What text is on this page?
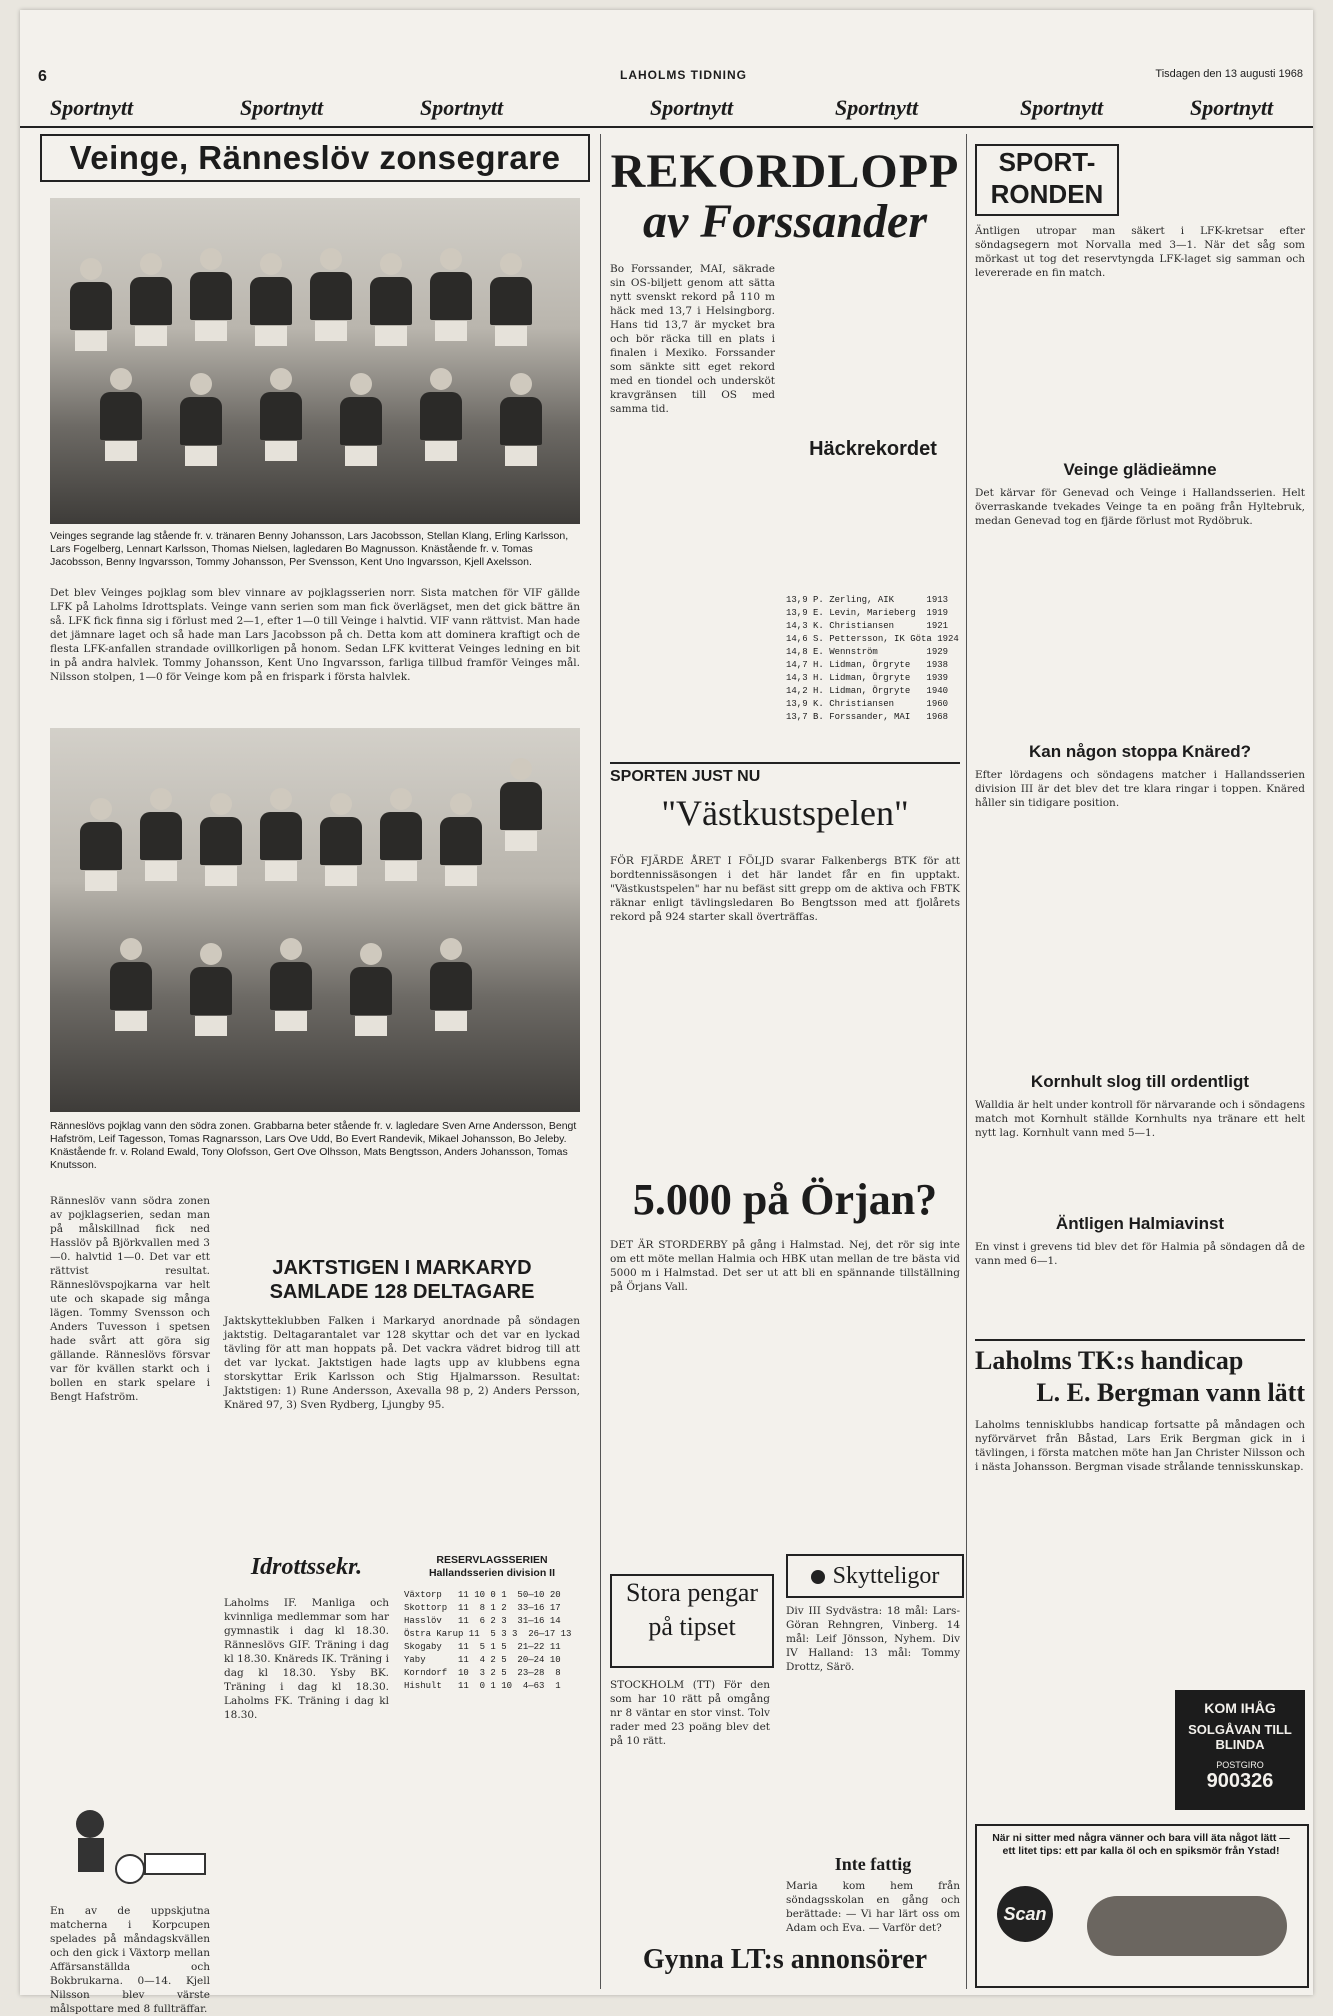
6	LAHOLMS TIDNING	Tisdagen den 13 augusti 1968
Sportnytt	Sportnytt	Sportnytt	Sportnytt	Sportnytt	Sportnytt	Sportnytt
Veinge, Ränneslöv zonsegrare
Veinges segrande lag stående fr. v. tränaren Benny Johansson, Lars Jacobsson, Stellan Klang, Erling Karlsson, Lars Fogelberg, Lennart Karlsson, Thomas Nielsen, lagledaren Bo Magnusson. Knästående fr. v. Tomas Jacobsson, Benny Ingvarsson, Tommy Johansson, Per Svensson, Kent Uno Ingvarsson, Kjell Axelsson.
Det blev Veinges pojklag som blev vinnare av pojklagsserien norr. Sista matchen för VIF gällde LFK på Laholms Idrottsplats. Veinge vann serien som man fick överlägset, men det gick bättre än så. LFK fick finna sig i förlust med 2—1, efter 1—0 till Veinge i halvtid. VIF vann rättvist. Man hade det jämnare laget och så hade man Lars Jacobsson på ch. Detta kom att dominera kraftigt och de flesta LFK-anfallen strandade ovillkorligen på honom. Sedan LFK kvitterat Veinges ledning en bit in på andra halvlek. Tommy Johansson, Kent Uno Ingvarsson, farliga tillbud framför Veinges mål. Nilsson stolpen, 1—0 för Veinge kom på en frispark i första halvlek.
Ränneslövs pojklag vann den södra zonen. Grabbarna beter stående fr. v. lagledare Sven Arne Andersson, Bengt Hafström, Leif Tagesson, Tomas Ragnarsson, Lars Ove Udd, Bo Evert Randevik, Mikael Johansson, Bo Jeleby. Knästående fr. v. Roland Ewald, Tony Olofsson, Gert Ove Olhsson, Mats Bengtsson, Anders Johansson, Tomas Knutsson.
Ränneslöv vann södra zonen av pojklagserien, sedan man på målskillnad fick ned Hasslöv på Björkvallen med 3—0. halvtid 1—0. Det var ett rättvist resultat. Ränneslövspojkarna var helt ute och skapade sig många lägen. Tommy Svensson och Anders Tuvesson i spetsen hade svårt att göra sig gällande. Ränneslövs försvar var för kvällen starkt och i bollen en stark spelare i Bengt Hafström.
JAKTSTIGEN I MARKARYD SAMLADE 128 DELTAGARE
Jaktskytteklubben Falken i Markaryd anordnade på söndagen jaktstig. Deltagarantalet var 128 skyttar och det var en lyckad tävling för att man hoppats på. Det vackra vädret bidrog till att det var lyckat. Jaktstigen hade lagts upp av klubbens egna storskyttar Erik Karlsson och Stig Hjalmarsson. Resultat: Jaktstigen: 1) Rune Andersson, Axevalla 98 p, 2) Anders Persson, Knäred 97, 3) Sven Rydberg, Ljungby 95.
Idrottssekr.
Laholms IF. Manliga och kvinnliga medlemmar som har gymnastik i dag kl 18.30. Ränneslövs GIF. Träning i dag kl 18.30. Knäreds IK. Träning i dag kl 18.30. Ysby BK. Träning i dag kl 18.30. Laholms FK. Träning i dag kl 18.30.
RESERVLAGSSERIEN Hallandsserien division II
Växtorp   11 10 0 1  50—10 20
Skottorp  11  8 1 2  33—16 17
Hasslöv   11  6 2 3  31—16 14
Östra Karup 11  5 3 3  26—17 13
Skogaby   11  5 1 5  21—22 11
Yaby      11  4 2 5  20—24 10
Korndorf  10  3 2 5  23—28  8
Hishult   11  0 1 10  4—63  1
En av de uppskjutna matcherna i Korpcupen spelades på måndagskvällen och den gick i Växtorp mellan Affärsanställda och Bokbrukarna. 0—14. Kjell Nilsson blev värste målspottare med 8 fullträffar.
REKORDLOPP
av Forssander
Bo Forssander, MAI, säkrade sin OS-biljett genom att sätta nytt svenskt rekord på 110 m häck med 13,7 i Helsingborg. Hans tid 13,7 är mycket bra och bör räcka till en plats i finalen i Mexiko. Forssander som sänkte sitt eget rekord med en tiondel och undersköt kravgränsen till OS med samma tid.
Häckrekordet
13,9 P. Zerling, AIK      1913
13,9 E. Levin, Marieberg  1919
14,3 K. Christiansen      1921
14,6 S. Pettersson, IK Göta 1924
14,8 E. Wennström         1929
14,7 H. Lidman, Örgryte   1938
14,3 H. Lidman, Örgryte   1939
14,2 H. Lidman, Örgryte   1940
13,9 K. Christiansen      1960
13,7 B. Forssander, MAI   1968
SPORTEN JUST NU
"Västkustspelen"
FÖR FJÄRDE ÅRET I FÖLJD svarar Falkenbergs BTK för att bordtennissäsongen i det här landet får en fin upptakt. "Västkustspelen" har nu befäst sitt grepp om de aktiva och FBTK räknar enligt tävlingsledaren Bo Bengtsson med att fjolårets rekord på 924 starter skall överträffas.
5.000 på Örjan?
DET ÄR STORDERBY på gång i Halmstad. Nej, det rör sig inte om ett möte mellan Halmia och HBK utan mellan de tre bästa vid 5000 m i Halmstad. Det ser ut att bli en spännande tillställning på Örjans Vall.
Stora pengar på tipset
STOCKHOLM (TT) För den som har 10 rätt på omgång nr 8 väntar en stor vinst. Tolv rader med 23 poäng blev det på 10 rätt.
Skytteligor
Div III Sydvästra: 18 mål: Lars-Göran Rehngren, Vinberg. 14 mål: Leif Jönsson, Nyhem. Div IV Halland: 13 mål: Tommy Drottz, Särö.
Inte fattig
Maria kom hem från söndagsskolan en gång och berättade: — Vi har lärt oss om Adam och Eva. — Varför det?
Gynna LT:s annonsörer
SPORT-RONDEN
Äntligen utropar man säkert i LFK-kretsar efter söndagsegern mot Norvalla med 3—1. När det såg som mörkast ut tog det reservtyngda LFK-laget sig samman och levererade en fin match.
Veinge glädieämne
Det kärvar för Genevad och Veinge i Hallandsserien. Helt överraskande tvekades Veinge ta en poäng från Hyltebruk, medan Genevad tog en fjärde förlust mot Rydöbruk.
Kan någon stoppa Knäred?
Efter lördagens och söndagens matcher i Hallandsserien division III är det blev det tre klara ringar i toppen. Knäred håller sin tidigare position.
Kornhult slog till ordentligt
Walldia är helt under kontroll för närvarande och i söndagens match mot Kornhult ställde Kornhults nya tränare ett helt nytt lag. Kornhult vann med 5—1.
Äntligen Halmiavinst
En vinst i grevens tid blev det för Halmia på söndagen då de vann med 6—1.
Laholms TK:s handicap
L. E. Bergman vann lätt
Laholms tennisklubbs handicap fortsatte på måndagen och nyförvärvet från Båstad, Lars Erik Bergman gick in i tävlingen, i första matchen möte han Jan Christer Nilsson och i nästa Johansson. Bergman visade strålande tennisskunskap.
KOM IHÅG
SOLGÅVAN TILL BLINDA
POSTGIRO
900326
När ni sitter med några vänner och bara vill äta något lätt — ett litet tips: ett par kalla öl och en spiksmör från Ystad!
Scan
